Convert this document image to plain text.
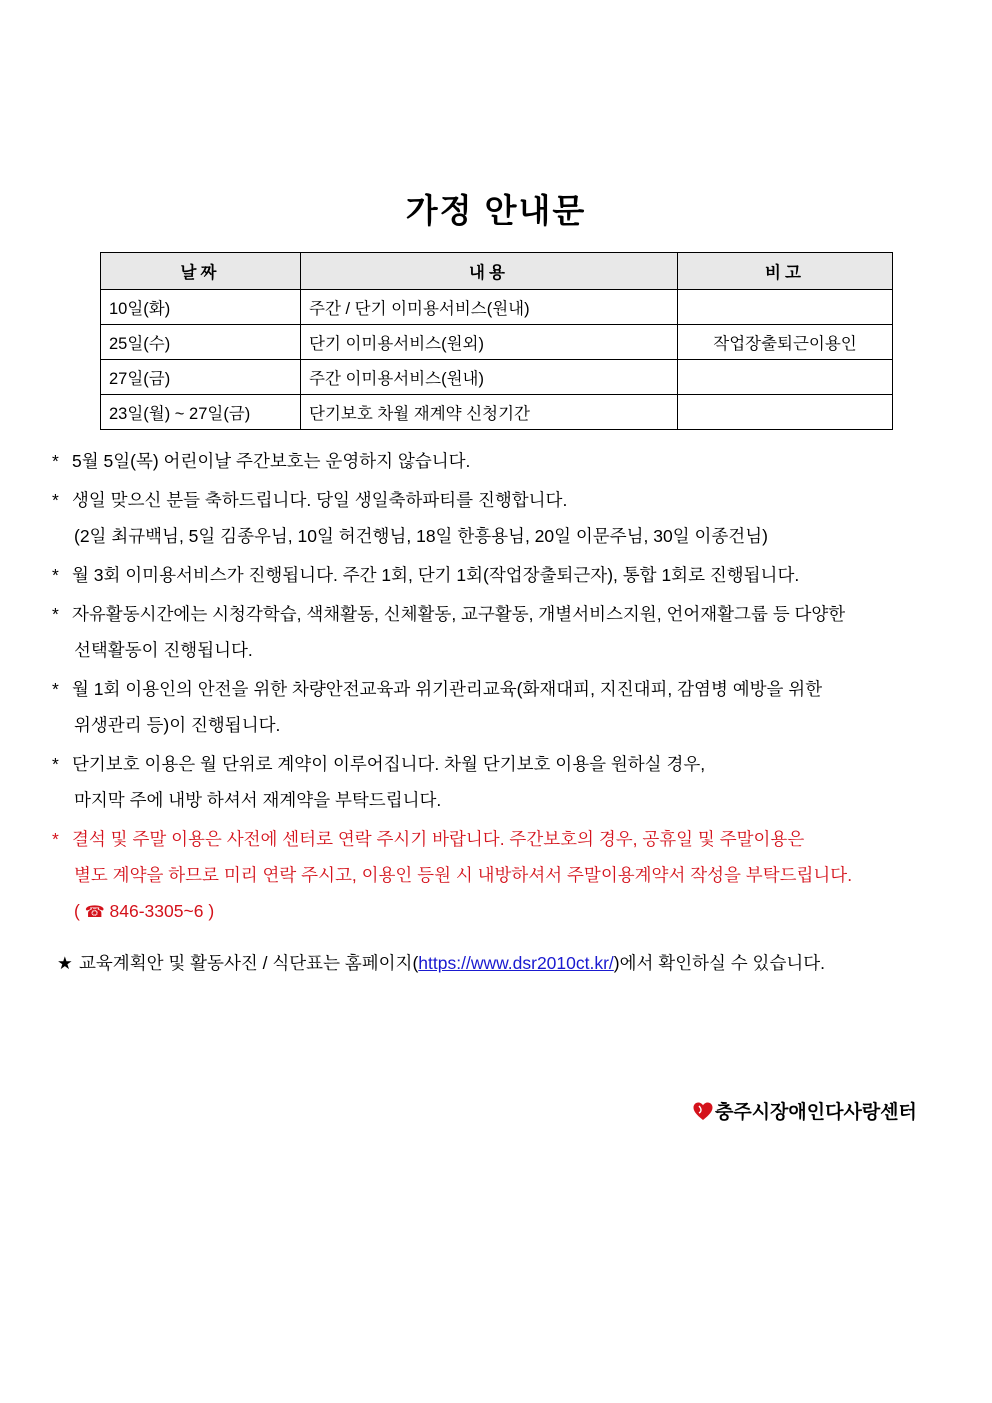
가정 안내문
날짜	내용	비고
10일(화)	주간 / 단기 이미용서비스(원내)	
25일(수)	단기 이미용서비스(원외)	작업장출퇴근이용인
27일(금)	주간 이미용서비스(원내)	
23일(월) ~ 27일(금)	단기보호 차월 재계약 신청기간	
* 5월 5일(목) 어린이날 주간보호는 운영하지 않습니다.
* 생일 맞으신 분들 축하드립니다. 당일 생일축하파티를 진행합니다.
(2일 최규백님, 5일 김종우님, 10일 허건행님, 18일 한흥용님, 20일 이문주님, 30일 이종건님)
* 월 3회 이미용서비스가 진행됩니다. 주간 1회, 단기 1회(작업장출퇴근자), 통합 1회로 진행됩니다.
* 자유활동시간에는 시청각학습, 색채활동, 신체활동, 교구활동, 개별서비스지원, 언어재활그룹 등 다양한
선택활동이 진행됩니다.
* 월 1회 이용인의 안전을 위한 차량안전교육과 위기관리교육(화재대피, 지진대피, 감염병 예방을 위한
위생관리 등)이 진행됩니다.
* 단기보호 이용은 월 단위로 계약이 이루어집니다. 차월 단기보호 이용을 원하실 경우,
마지막 주에 내방 하셔서 재계약을 부탁드립니다.
* 결석 및 주말 이용은 사전에 센터로 연락 주시기 바랍니다. 주간보호의 경우, 공휴일 및 주말이용은
별도 계약을 하므로 미리 연락 주시고, 이용인 등원 시 내방하셔서 주말이용계약서 작성을 부탁드립니다.
( ☎ 846-3305~6 )
★ 교육계획안 및 활동사진 / 식단표는 홈페이지(https://www.dsr2010ct.kr/)에서 확인하실 수 있습니다.
충주시장애인다사랑센터
